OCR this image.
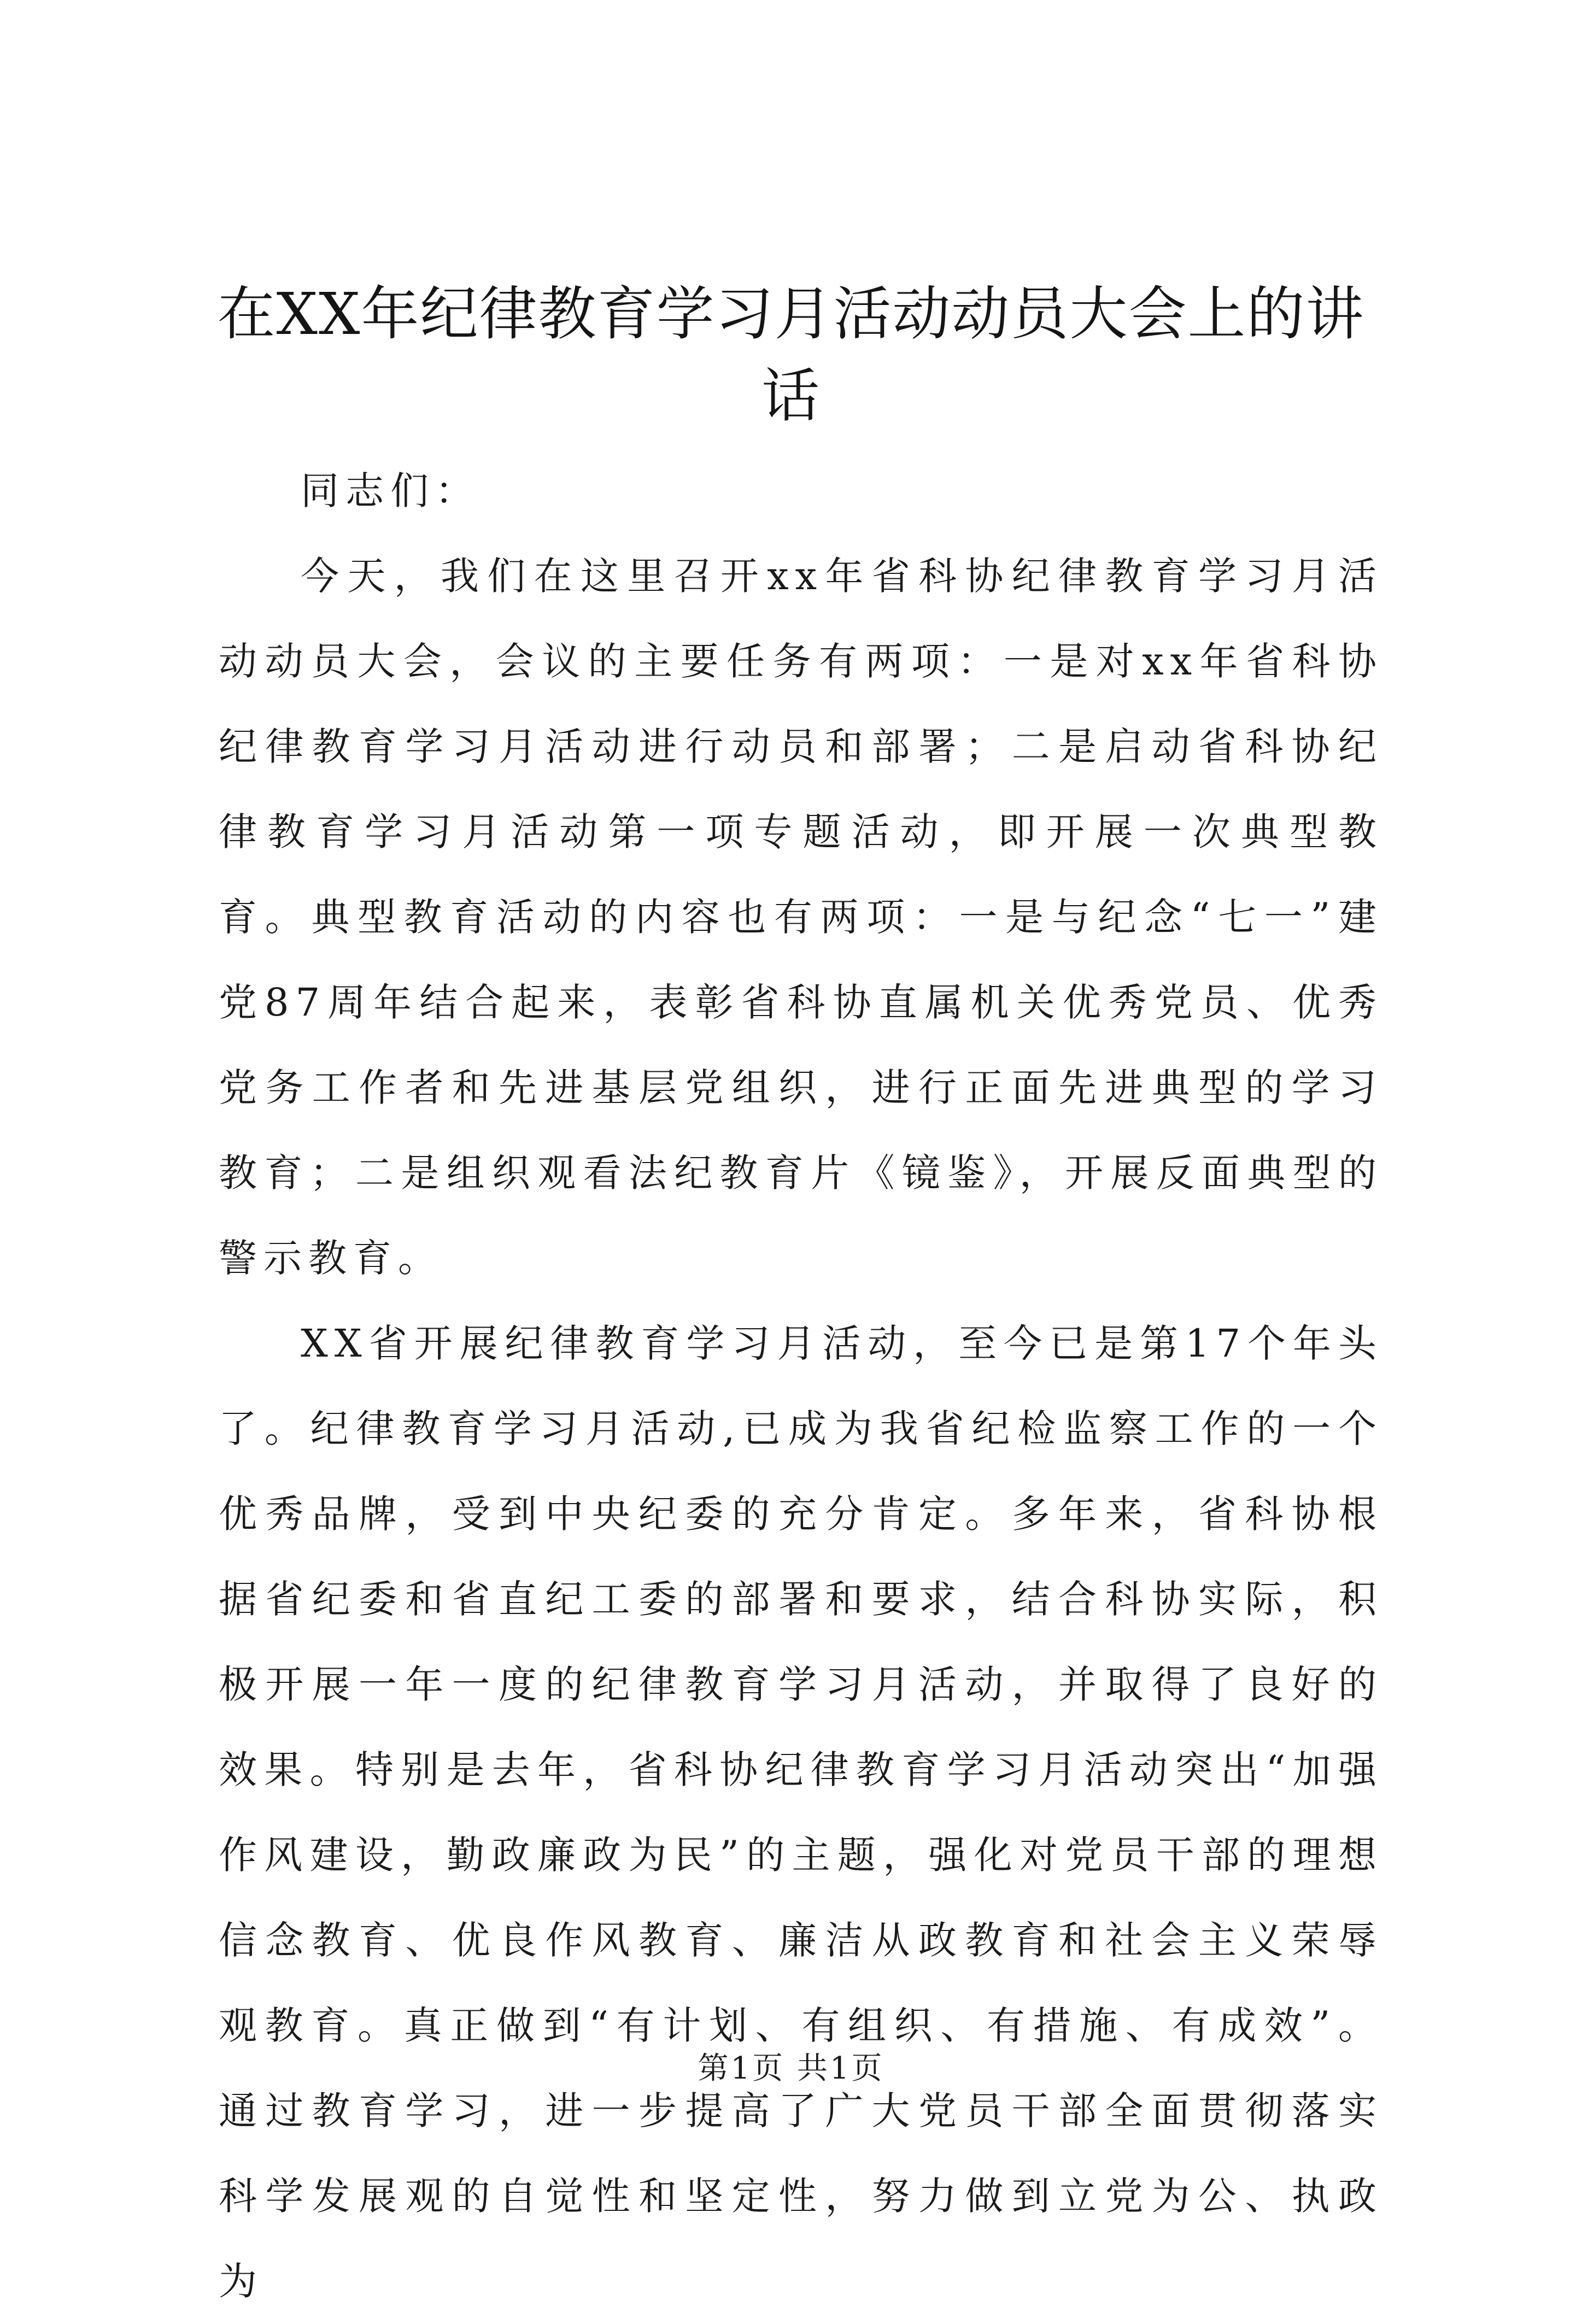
在XX年纪律教育学习月活动动员大会上的讲话

同志们：

今天，我们在这里召开xx年省科协纪律教育学习月活动动员大会，会议的主要任务有两项：一是对xx年省科协纪律教育学习月活动进行动员和部署；二是启动省科协纪律教育学习月活动第一项专题活动，即开展一次典型教育。典型教育活动的内容也有两项：一是与纪念“七一”建党87周年结合起来，表彰省科协直属机关优秀党员、优秀党务工作者和先进基层党组织，进行正面先进典型的学习教育；二是组织观看法纪教育片《镜鉴》，开展反面典型的警示教育。

XX省开展纪律教育学习月活动，至今已是第17个年头了。纪律教育学习月活动,已成为我省纪检监察工作的一个优秀品牌，受到中央纪委的充分肯定。多年来，省科协根据省纪委和省直纪工委的部署和要求，结合科协实际，积极开展一年一度的纪律教育学习月活动，并取得了良好的效果。特别是去年，省科协纪律教育学习月活动突出“加强作风建设，勤政廉政为民”的主题，强化对党员干部的理想信念教育、优良作风教育、廉洁从政教育和社会主义荣辱观教育。真正做到“有计划、有组织、有措施、有成效”。通过教育学习，进一步提高了广大党员干部全面贯彻落实科学发展观的自觉性和坚定性，努力做到立党为公、执政为

第1页 共1页
